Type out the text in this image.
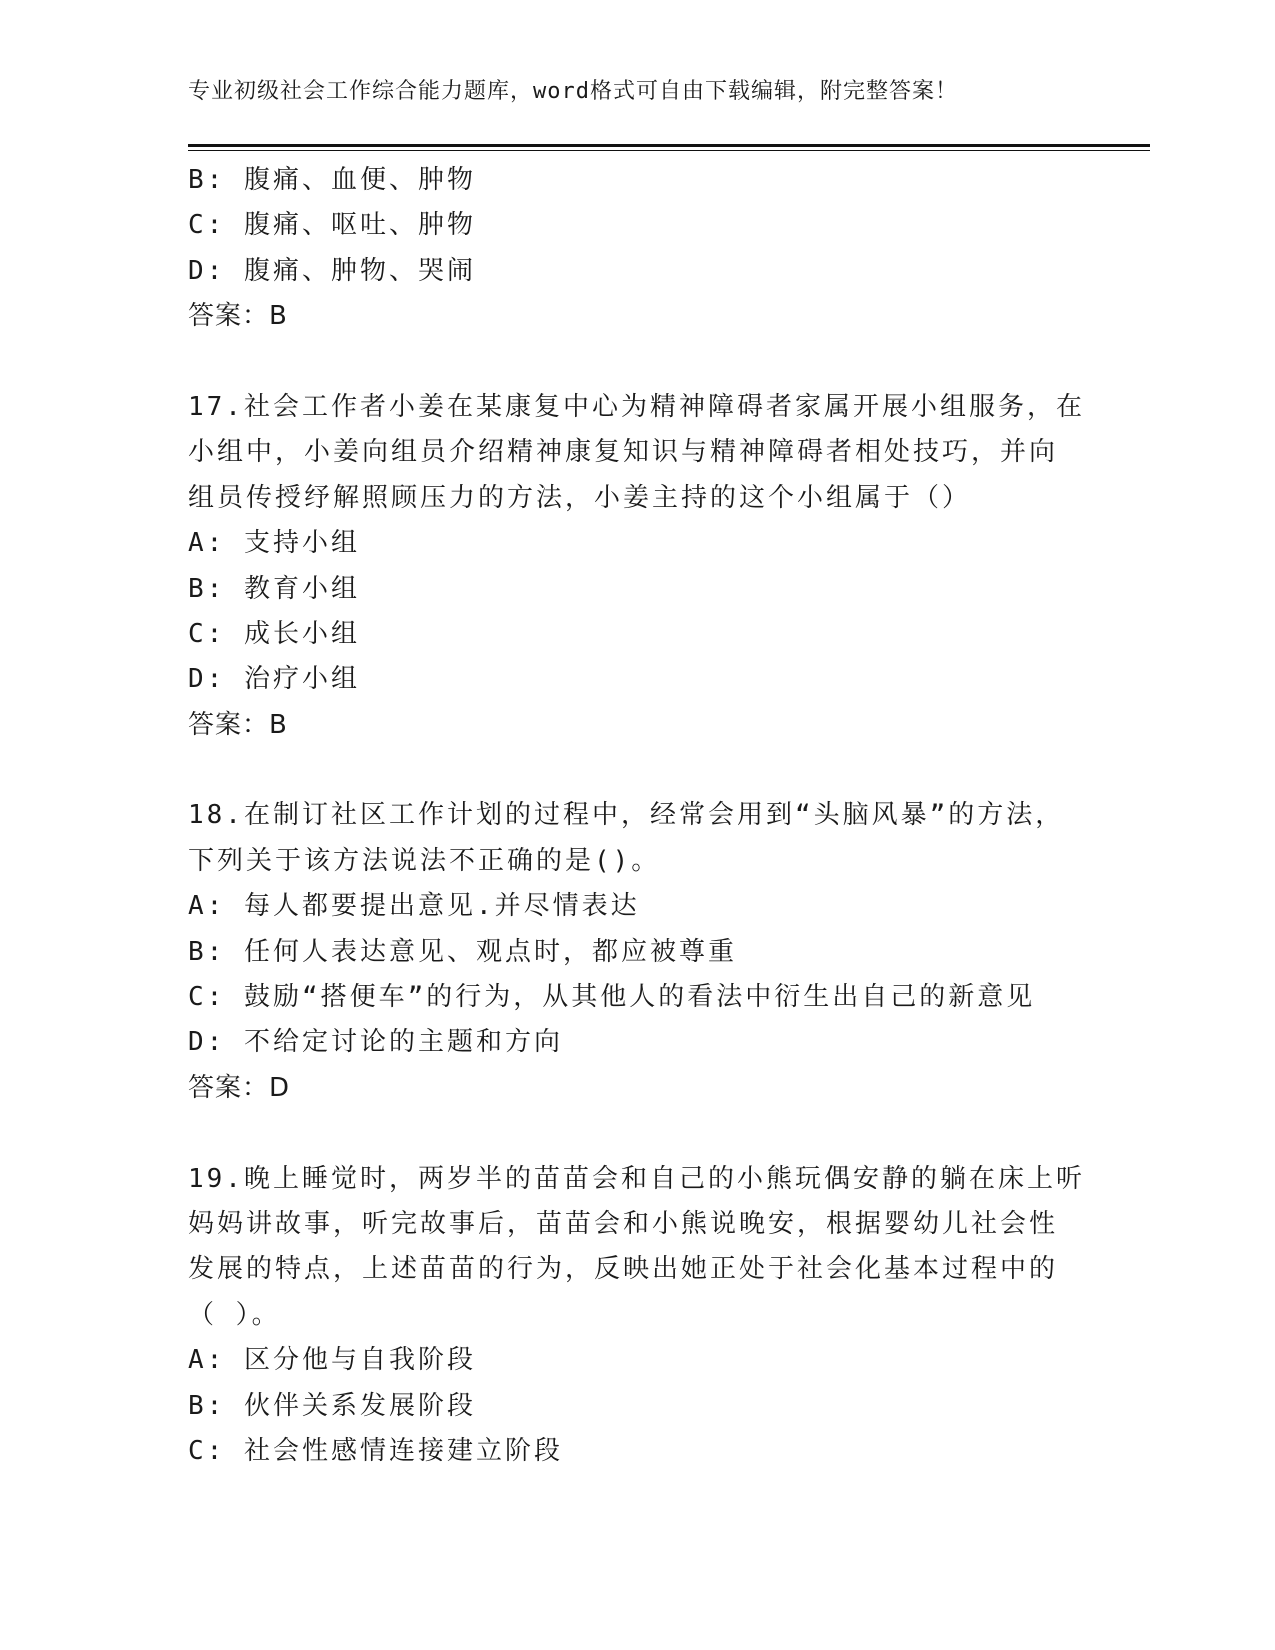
专业初级社会工作综合能力题库，word格式可自由下载编辑，附完整答案！
B: 腹痛、血便、肿物
C: 腹痛、呕吐、肿物
D: 腹痛、肿物、哭闹
答案：B
17.社会工作者小姜在某康复中心为精神障碍者家属开展小组服务，在
小组中，小姜向组员介绍精神康复知识与精神障碍者相处技巧，并向
组员传授纾解照顾压力的方法，小姜主持的这个小组属于（）
A: 支持小组
B: 教育小组
C: 成长小组
D: 治疗小组
答案：B
18.在制订社区工作计划的过程中，经常会用到“头脑风暴”的方法，
下列关于该方法说法不正确的是()。
A: 每人都要提出意见.并尽情表达
B: 任何人表达意见、观点时，都应被尊重
C: 鼓励“搭便车”的行为，从其他人的看法中衍生出自己的新意见
D: 不给定讨论的主题和方向
答案：D
19.晚上睡觉时，两岁半的苗苗会和自己的小熊玩偶安静的躺在床上听
妈妈讲故事，听完故事后，苗苗会和小熊说晚安，根据婴幼儿社会性
发展的特点，上述苗苗的行为，反映出她正处于社会化基本过程中的
（ ）。
A: 区分他与自我阶段
B: 伙伴关系发展阶段
C: 社会性感情连接建立阶段
